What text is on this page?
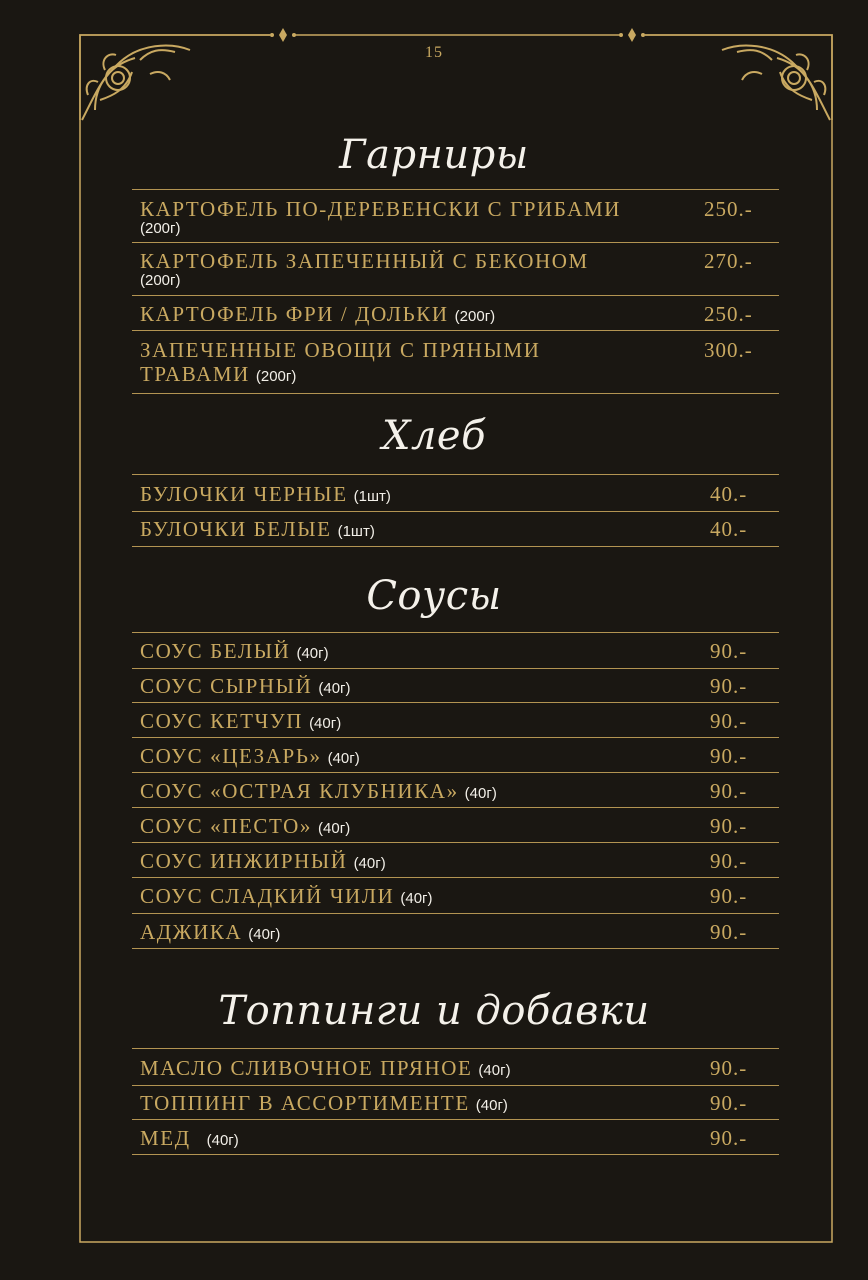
15
Гарниры
КАРТОФЕЛЬ ПО-ДЕРЕВЕНСКИ С ГРИБАМИ
(200г)
250.-
КАРТОФЕЛЬ ЗАПЕЧЕННЫЙ С БЕКОНОМ
(200г)
270.-
КАРТОФЕЛЬ ФРИ / ДОЛЬКИ (200г)	250.-
ЗАПЕЧЕННЫЕ ОВОЩИ С ПРЯНЫМИ
ТРАВАМИ (200г)
300.-
Хлеб
БУЛОЧКИ ЧЕРНЫЕ (1шт)	40.-
БУЛОЧКИ БЕЛЫЕ (1шт)	40.-
Соусы
СОУС БЕЛЫЙ (40г)	90.-
СОУС СЫРНЫЙ (40г)	90.-
СОУС КЕТЧУП (40г)	90.-
СОУС «ЦЕЗАРЬ» (40г)	90.-
СОУС «ОСТРАЯ КЛУБНИКА» (40г)	90.-
СОУС «ПЕСТО» (40г)	90.-
СОУС ИНЖИРНЫЙ (40г)	90.-
СОУС СЛАДКИЙ ЧИЛИ (40г)	90.-
АДЖИКА (40г)	90.-
Топпинги и добавки
МАСЛО СЛИВОЧНОЕ ПРЯНОЕ (40г)	90.-
ТОППИНГ В АССОРТИМЕНТЕ (40г)	90.-
МЕД (40г)	90.-
